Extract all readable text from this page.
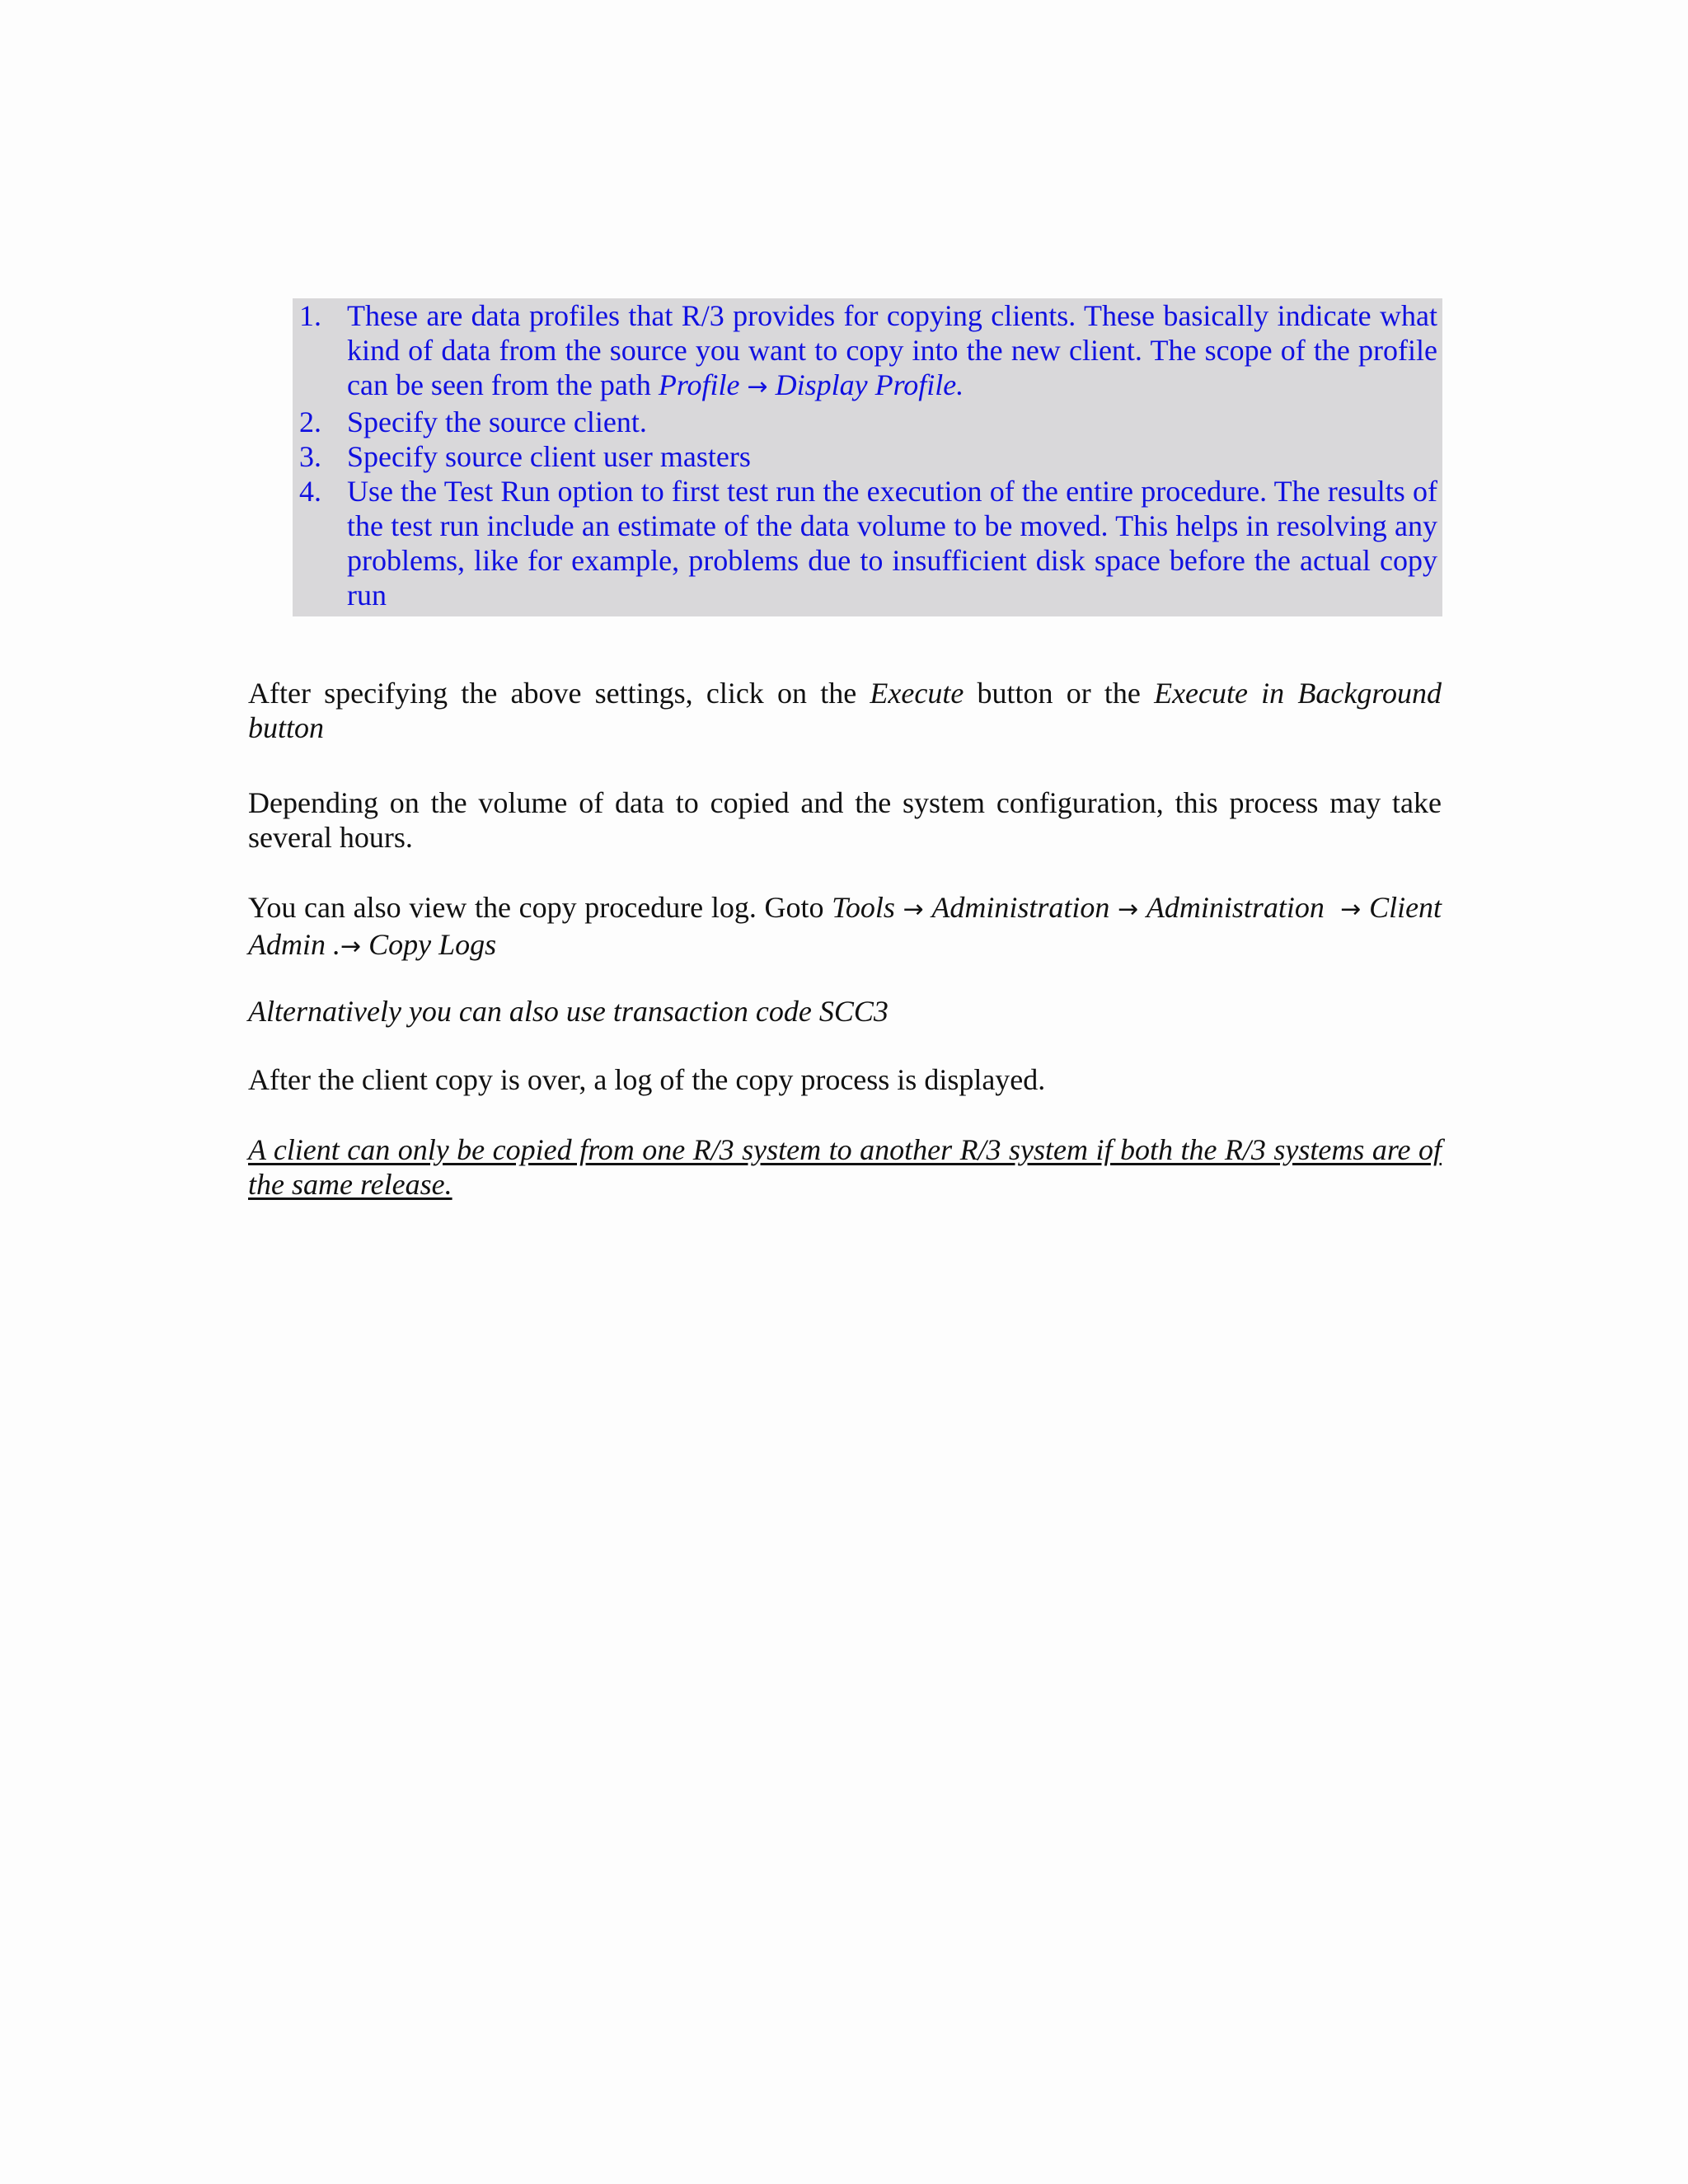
1. These are data profiles that R/3 provides for copying clients. These basically indicate what kind of data from the source you want to copy into the new client. The scope of the profile can be seen from the path Profile → Display Profile.
2. Specify the source client.
3. Specify source client user masters
4. Use the Test Run option to first test run the execution of the entire procedure. The results of the test run include an estimate of the data volume to be moved. This helps in resolving any problems, like for example, problems due to insufficient disk space before the actual copy run

After specifying the above settings, click on the Execute button or the Execute in Background button

Depending on the volume of data to copied and the system configuration, this process may take several hours.

You can also view the copy procedure log. Goto Tools → Administration → Administration → Client Admin .→ Copy Logs

Alternatively you can also use transaction code SCC3

After the client copy is over, a log of the copy process is displayed.

A client can only be copied from one R/3 system to another R/3 system if both the R/3 systems are of the same release.
